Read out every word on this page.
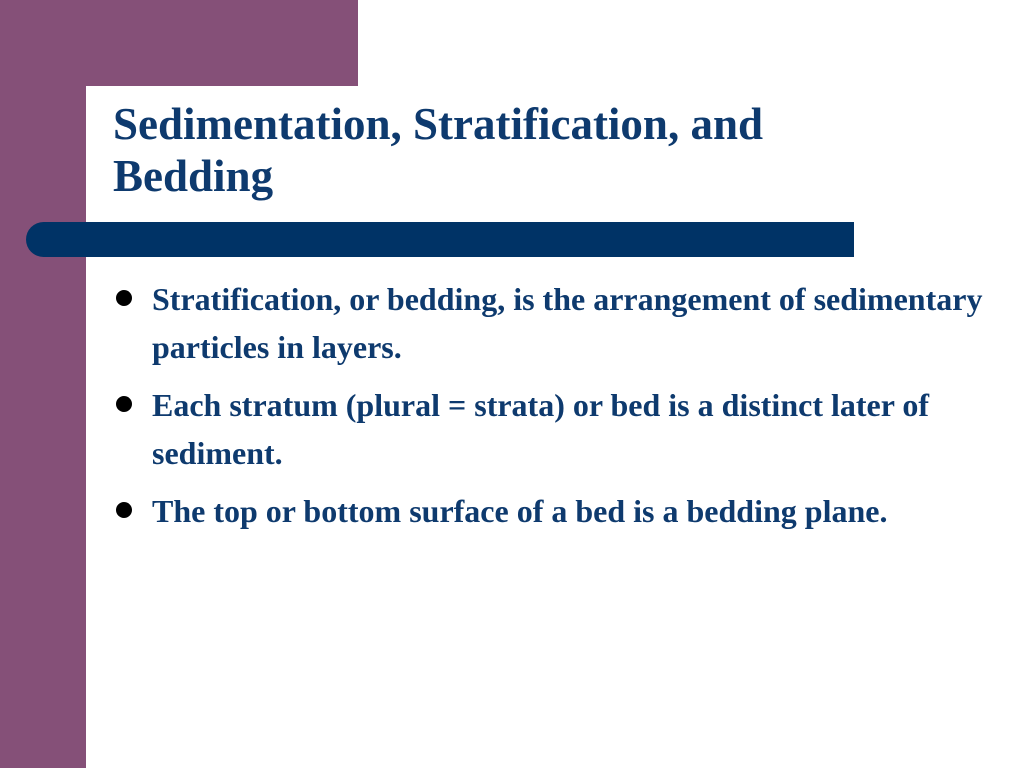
Sedimentation, Stratification, and Bedding
Stratification, or bedding, is the arrangement of sedimentary particles in layers.
Each stratum (plural = strata) or bed is a distinct later of sediment.
The top or bottom surface of a bed is a bedding plane.
